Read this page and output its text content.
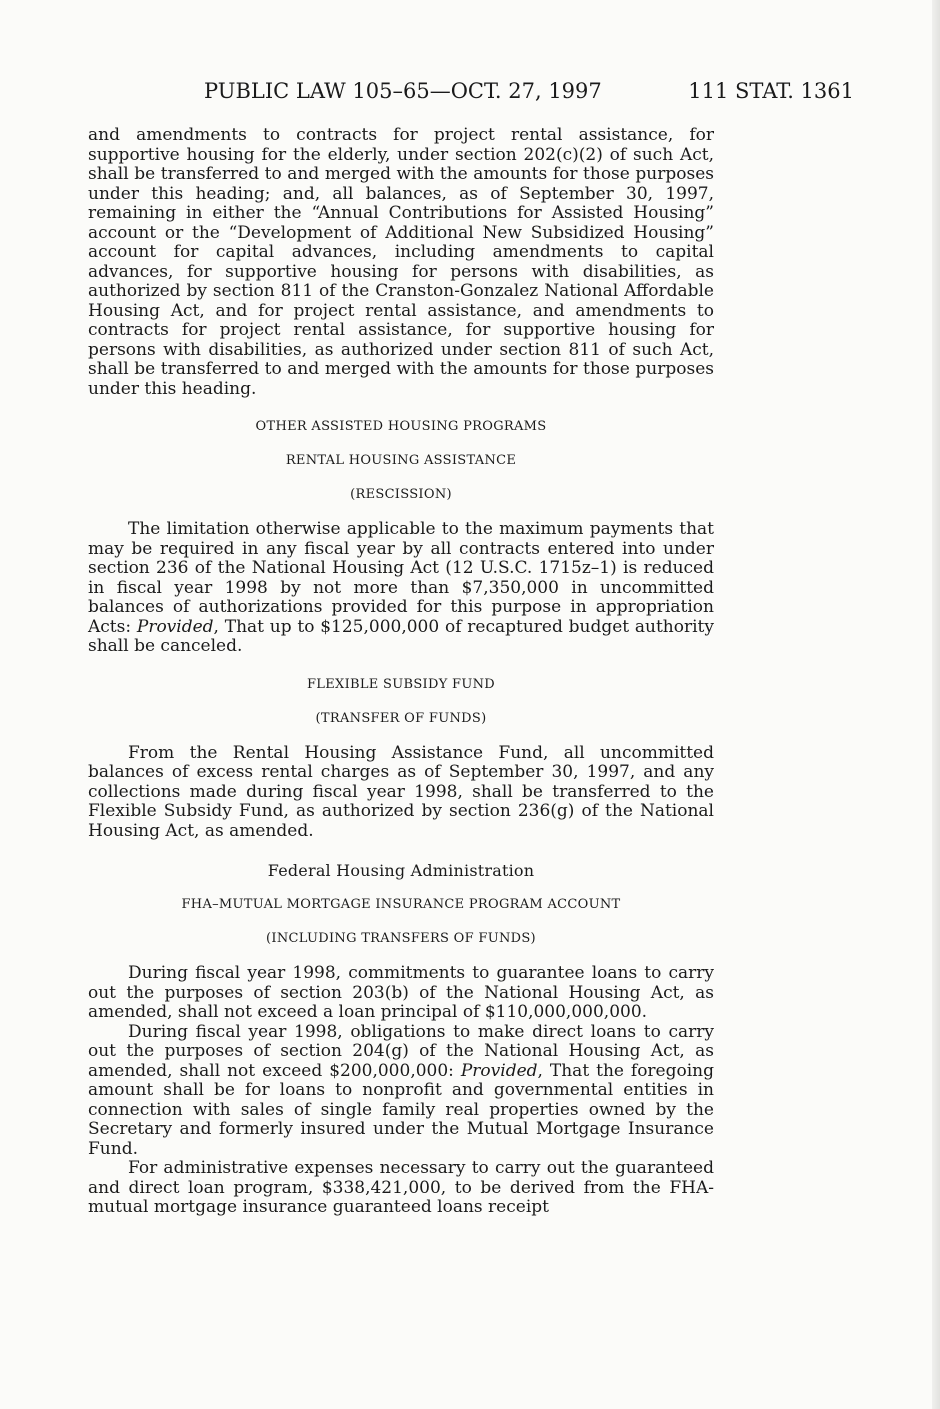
PUBLIC LAW 105–65—OCT. 27, 1997	111 STAT. 1361

and amendments to contracts for project rental assistance, for supportive housing for the elderly, under section 202(c)(2) of such Act, shall be transferred to and merged with the amounts for those purposes under this heading; and, all balances, as of September 30, 1997, remaining in either the “Annual Contributions for Assisted Housing” account or the “Development of Additional New Subsidized Housing” account for capital advances, including amendments to capital advances, for supportive housing for persons with disabilities, as authorized by section 811 of the Cranston-Gonzalez National Affordable Housing Act, and for project rental assistance, and amendments to contracts for project rental assistance, for supportive housing for persons with disabilities, as authorized under section 811 of such Act, shall be transferred to and merged with the amounts for those purposes under this heading.

OTHER ASSISTED HOUSING PROGRAMS
RENTAL HOUSING ASSISTANCE
(RESCISSION)

The limitation otherwise applicable to the maximum payments that may be required in any fiscal year by all contracts entered into under section 236 of the National Housing Act (12 U.S.C. 1715z–1) is reduced in fiscal year 1998 by not more than $7,350,000 in uncommitted balances of authorizations provided for this purpose in appropriation Acts: Provided, That up to $125,000,000 of recaptured budget authority shall be canceled.

FLEXIBLE SUBSIDY FUND
(TRANSFER OF FUNDS)

From the Rental Housing Assistance Fund, all uncommitted balances of excess rental charges as of September 30, 1997, and any collections made during fiscal year 1998, shall be transferred to the Flexible Subsidy Fund, as authorized by section 236(g) of the National Housing Act, as amended.

Federal Housing Administration
FHA–MUTUAL MORTGAGE INSURANCE PROGRAM ACCOUNT
(INCLUDING TRANSFERS OF FUNDS)

During fiscal year 1998, commitments to guarantee loans to carry out the purposes of section 203(b) of the National Housing Act, as amended, shall not exceed a loan principal of $110,000,000,000.

During fiscal year 1998, obligations to make direct loans to carry out the purposes of section 204(g) of the National Housing Act, as amended, shall not exceed $200,000,000: Provided, That the foregoing amount shall be for loans to nonprofit and governmental entities in connection with sales of single family real properties owned by the Secretary and formerly insured under the Mutual Mortgage Insurance Fund.

For administrative expenses necessary to carry out the guaranteed and direct loan program, $338,421,000, to be derived from the FHA-mutual mortgage insurance guaranteed loans receipt
